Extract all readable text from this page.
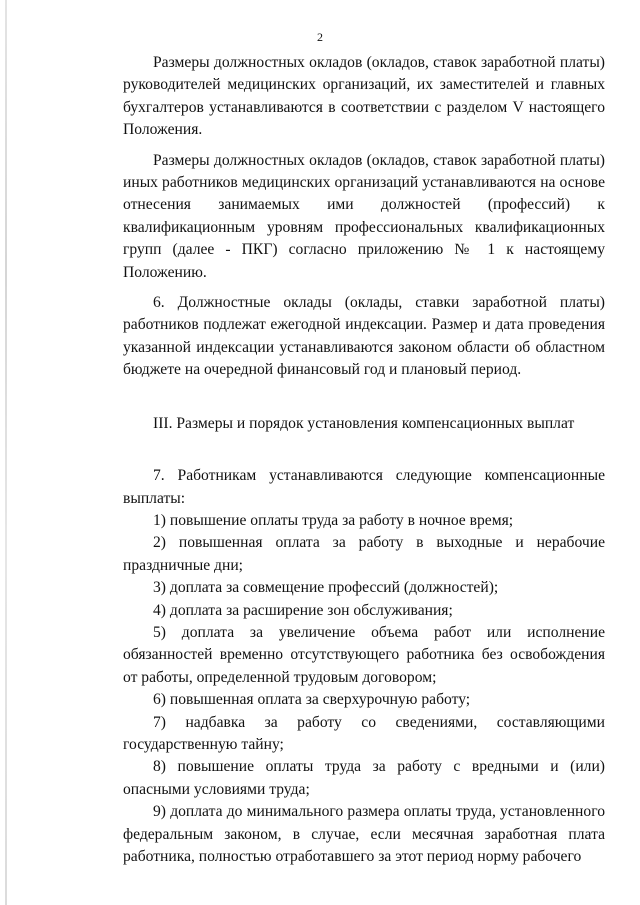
2

Размеры должностных окладов (окладов, ставок заработной платы) руководителей медицинских организаций, их заместителей и главных бухгалтеров устанавливаются в соответствии с разделом V настоящего Положения.

Размеры должностных окладов (окладов, ставок заработной платы) иных работников медицинских организаций устанавливаются на основе отнесения занимаемых ими должностей (профессий) к квалификационным уровням профессиональных квалификационных групп (далее - ПКГ) согласно приложению № 1 к настоящему Положению.

6. Должностные оклады (оклады, ставки заработной платы) работников подлежат ежегодной индексации. Размер и дата проведения указанной индексации устанавливаются законом области об областном бюджете на очередной финансовый год и плановый период.

III. Размеры и порядок установления компенсационных выплат

7. Работникам устанавливаются следующие компенсационные выплаты:

1) повышение оплаты труда за работу в ночное время;

2) повышенная оплата за работу в выходные и нерабочие праздничные дни;

3) доплата за совмещение профессий (должностей);

4) доплата за расширение зон обслуживания;

5) доплата за увеличение объема работ или исполнение обязанностей временно отсутствующего работника без освобождения от работы, определенной трудовым договором;

6) повышенная оплата за сверхурочную работу;

7) надбавка за работу со сведениями, составляющими государственную тайну;

8) повышение оплаты труда за работу с вредными и (или) опасными условиями труда;

9) доплата до минимального размера оплаты труда, установленного федеральным законом, в случае, если месячная заработная плата работника, полностью отработавшего за этот период норму рабочего
